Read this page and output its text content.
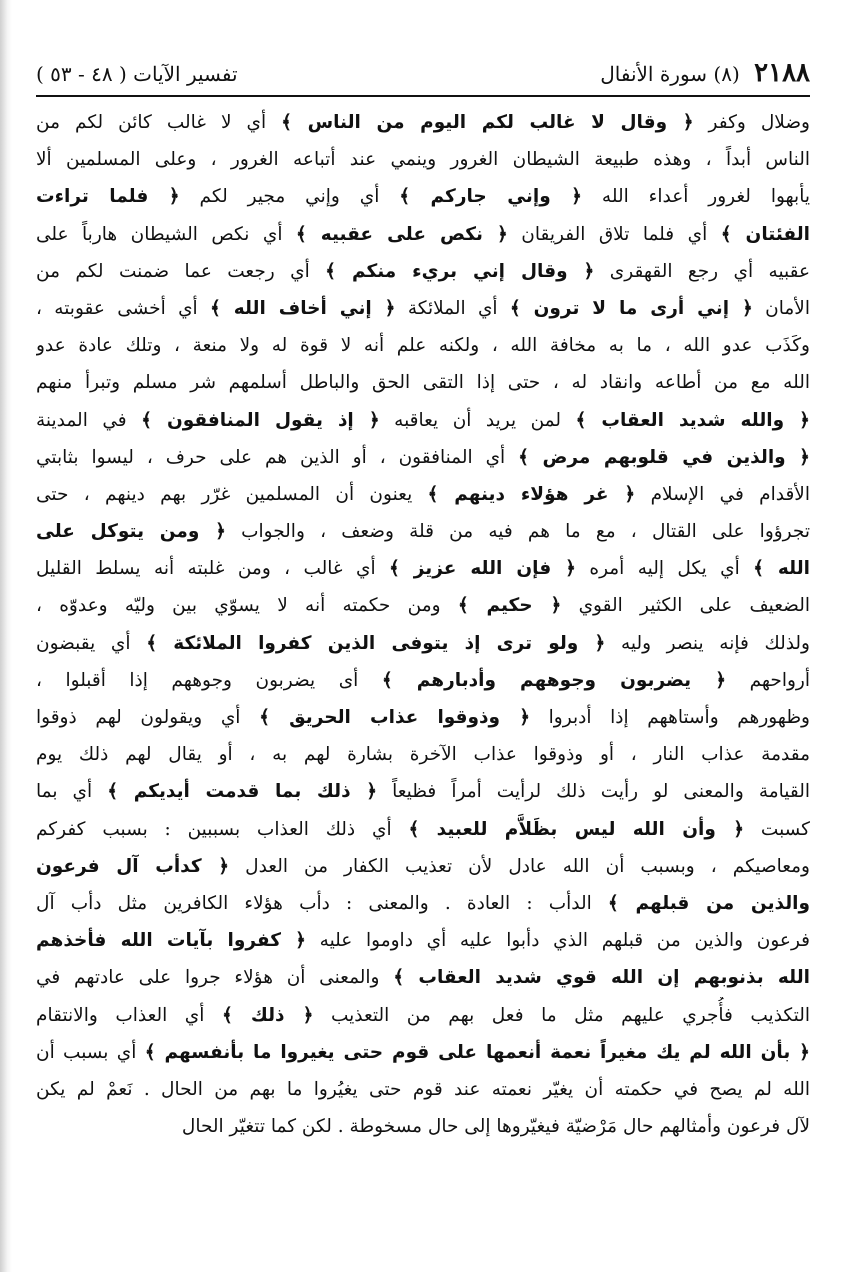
٢١٨٨ (٨) سورة الأنفال
تفسير الآيات ( ٤٨ - ٥٣ )
وضلال وكفر ﴿ وقال لا غالب لكم اليوم من الناس ﴾ أي لا غالب كائن لكم من
الناس أبداً ، وهذه طبيعة الشيطان الغرور وينمي عند أتباعه الغرور ، وعلى المسلمين ألا
يأبهوا لغرور أعداء الله ﴿ وإني جاركم ﴾ أي وإني مجير لكم ﴿ فلما تراءت
الفئتان ﴾ أي فلما تلاق الفريقان ﴿ نكص على عقبيه ﴾ أي نكص الشيطان هارباً على
عقبيه أي رجع القهقرى ﴿ وقال إني بريء منكم ﴾ أي رجعت عما ضمنت لكم من
الأمان ﴿ إني أرى ما لا ترون ﴾ أي الملائكة ﴿ إني أخاف الله ﴾ أي أخشى عقوبته ،
وكَذَب عدو الله ، ما به مخافة الله ، ولكنه علم أنه لا قوة له ولا منعة ، وتلك عادة عدو
الله مع من أطاعه وانقاد له ، حتى إذا التقى الحق والباطل أسلمهم شر مسلم وتبرأ منهم
﴿ والله شديد العقاب ﴾ لمن يريد أن يعاقبه ﴿ إذ يقول المنافقون ﴾ في المدينة
﴿ والذين في قلوبهم مرض ﴾ أي المنافقون ، أو الذين هم على حرف ، ليسوا بثابتي
الأقدام في الإسلام ﴿ غر هؤلاء دينهم ﴾ يعنون أن المسلمين غرّر بهم دينهم ، حتى
تجرؤوا على القتال ، مع ما هم فيه من قلة وضعف ، والجواب ﴿ ومن يتوكل على
الله ﴾ أي يكل إليه أمره ﴿ فإن الله عزيز ﴾ أي غالب ، ومن غلبته أنه يسلط القليل
الضعيف على الكثير القوي ﴿ حكيم ﴾ ومن حكمته أنه لا يسوّي بين وليّه وعدوّه ،
ولذلك فإنه ينصر وليه ﴿ ولو ترى إذ يتوفى الذين كفروا الملائكة ﴾ أي يقبضون
أرواحهم ﴿ يضربون وجوههم وأدبارهم ﴾ أى يضربون وجوههم إذا أقبلوا ،
وظهورهم وأستاههم إذا أدبروا ﴿ وذوقوا عذاب الحريق ﴾ أي ويقولون لهم ذوقوا
مقدمة عذاب النار ، أو وذوقوا عذاب الآخرة بشارة لهم به ، أو يقال لهم ذلك يوم
القيامة والمعنى لو رأيت ذلك لرأيت أمراً فظيعاً ﴿ ذلك بما قدمت أيديكم ﴾ أي بما
كسبت ﴿ وأن الله ليس بظَلاَّم للعبيد ﴾ أي ذلك العذاب بسببين : بسبب كفركم
ومعاصيكم ، وبسبب أن الله عادل لأن تعذيب الكفار من العدل ﴿ كدأب آل فرعون
والذين من قبلهم ﴾ الدأب : العادة . والمعنى : دأب هؤلاء الكافرين مثل دأب آل
فرعون والذين من قبلهم الذي دأبوا عليه أي داوموا عليه ﴿ كفروا بآيات الله فأخذهم
الله بذنوبهم إن الله قوي شديد العقاب ﴾ والمعنى أن هؤلاء جروا على عادتهم في
التكذيب فأُجري عليهم مثل ما فعل بهم من التعذيب ﴿ ذلك ﴾ أي العذاب والانتقام
﴿ بأن الله لم يك مغيراً نعمة أنعمها على قوم حتى يغيروا ما بأنفسهم ﴾ أي بسبب أن
الله لم يصح في حكمته أن يغيّر نعمته عند قوم حتى يغيُروا ما بهم من الحال . نَعمْ لم يكن
لآل فرعون وأمثالهم حال مَرْضيّة فيغيّروها إلى حال مسخوطة . لكن كما تتغيّر الحال
